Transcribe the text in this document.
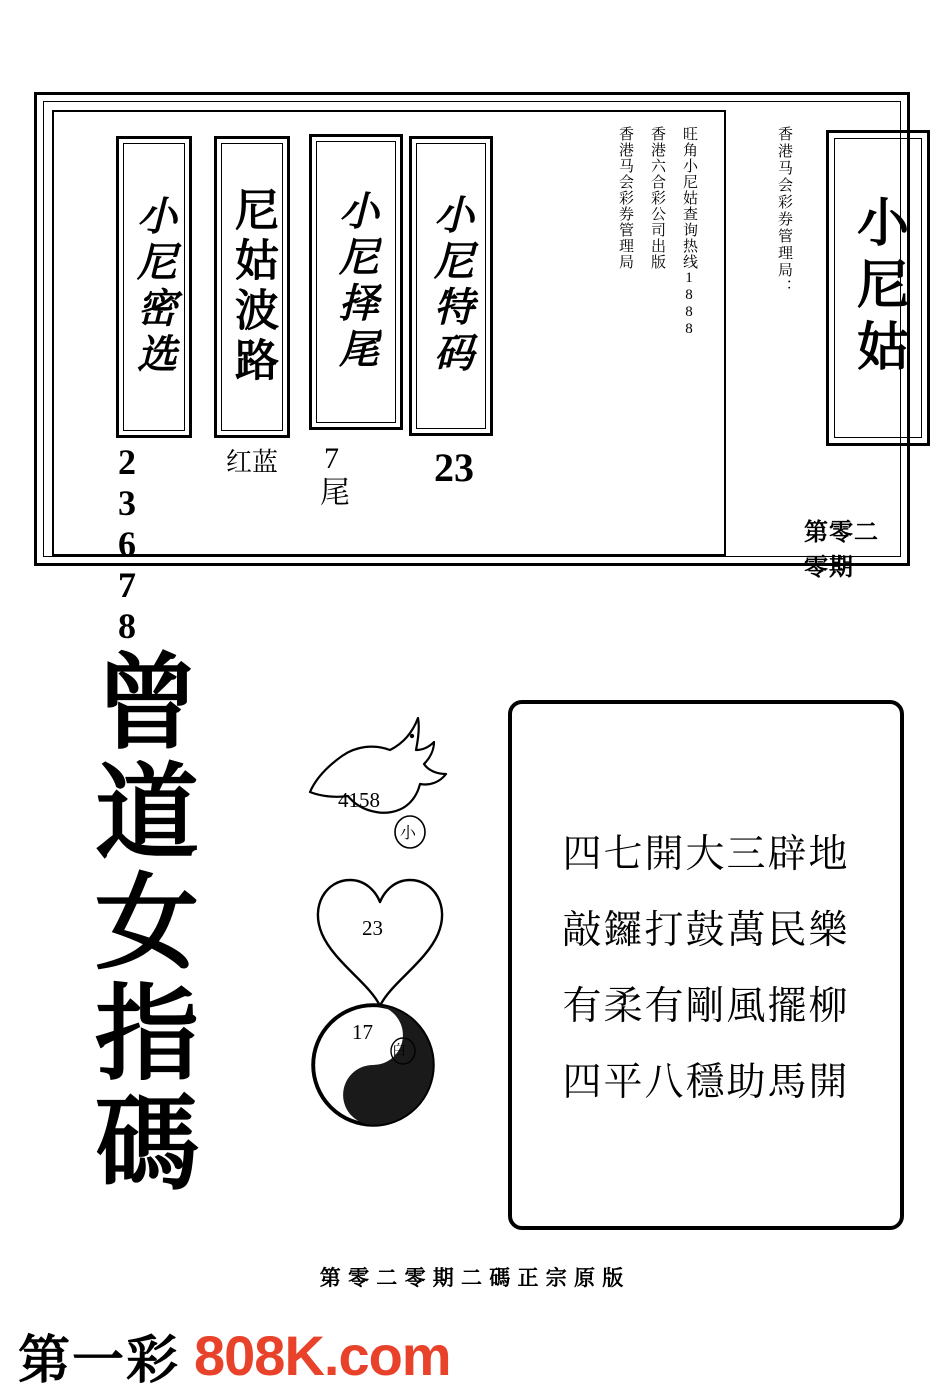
旺角小尼姑查询热线1888
香港六合彩公司出版
香港马会彩券管理局
小尼密选
23678
尼姑波路
红蓝
小尼择尾
7尾
小尼特码
23
香港马会彩券管理局： 小尼姑
第零二零期
曾
道
女
指
碼
4158
小
23
17
白
四七開大三辟地
敲鑼打鼓萬民樂
有柔有剛風擺柳
四平八穩助馬開
第 零 二 零 期 二 碼 正 宗 原 版
第一彩 808K.com
